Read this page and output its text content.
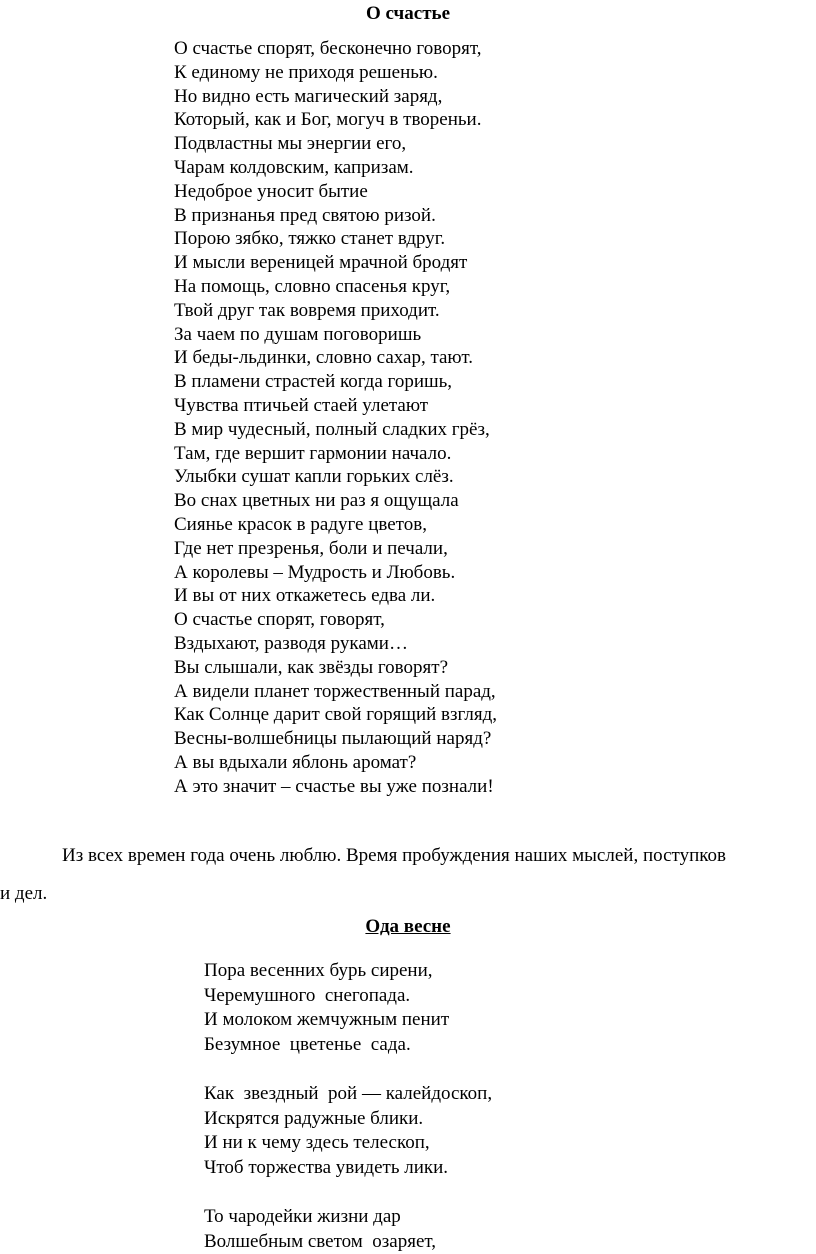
О счастье
О счастье спорят, бесконечно говорят,
К единому не приходя решенью.
Но видно есть магический заряд,
Который, как и Бог, могуч в твореньи.
Подвластны мы энергии его,
Чарам колдовским, капризам.
Недоброе уносит бытие
В признанья пред святою ризой.
Порою зябко, тяжко станет вдруг.
И мысли вереницей мрачной бродят
На помощь, словно спасенья круг,
Твой друг так вовремя приходит.
За чаем по душам поговоришь
И беды-льдинки, словно сахар, тают.
В пламени страстей когда горишь,
Чувства птичьей стаей улетают
В мир чудесный, полный сладких грёз,
Там, где вершит гармонии начало.
Улыбки сушат капли горьких слёз.
Во снах цветных ни раз я ощущала
Сиянье красок в радуге цветов,
Где нет презренья, боли и печали,
А королевы – Мудрость и Любовь.
И вы от них откажетесь едва ли.
О счастье спорят, говорят,
Вздыхают, разводя руками…
Вы слышали, как звёзды говорят?
А видели планет торжественный парад,
Как Солнце дарит свой горящий взгляд,
Весны-волшебницы пылающий наряд?
А вы вдыхали яблонь аромат?
А это значит – счастье вы уже познали!
Из всех времен года очень люблю. Время пробуждения наших мыслей, поступков
и дел.
Ода весне
Пора весенних бурь сирени,
Черемушного  снегопада.
И молоком жемчужным пенит
Безумное  цветенье  сада.
Как  звездный  рой — калейдоскоп,
Искрятся радужные блики.
И ни к чему здесь телескоп,
Чтоб торжества увидеть лики.
То чародейки жизни дар
Волшебным светом  озаряет,
